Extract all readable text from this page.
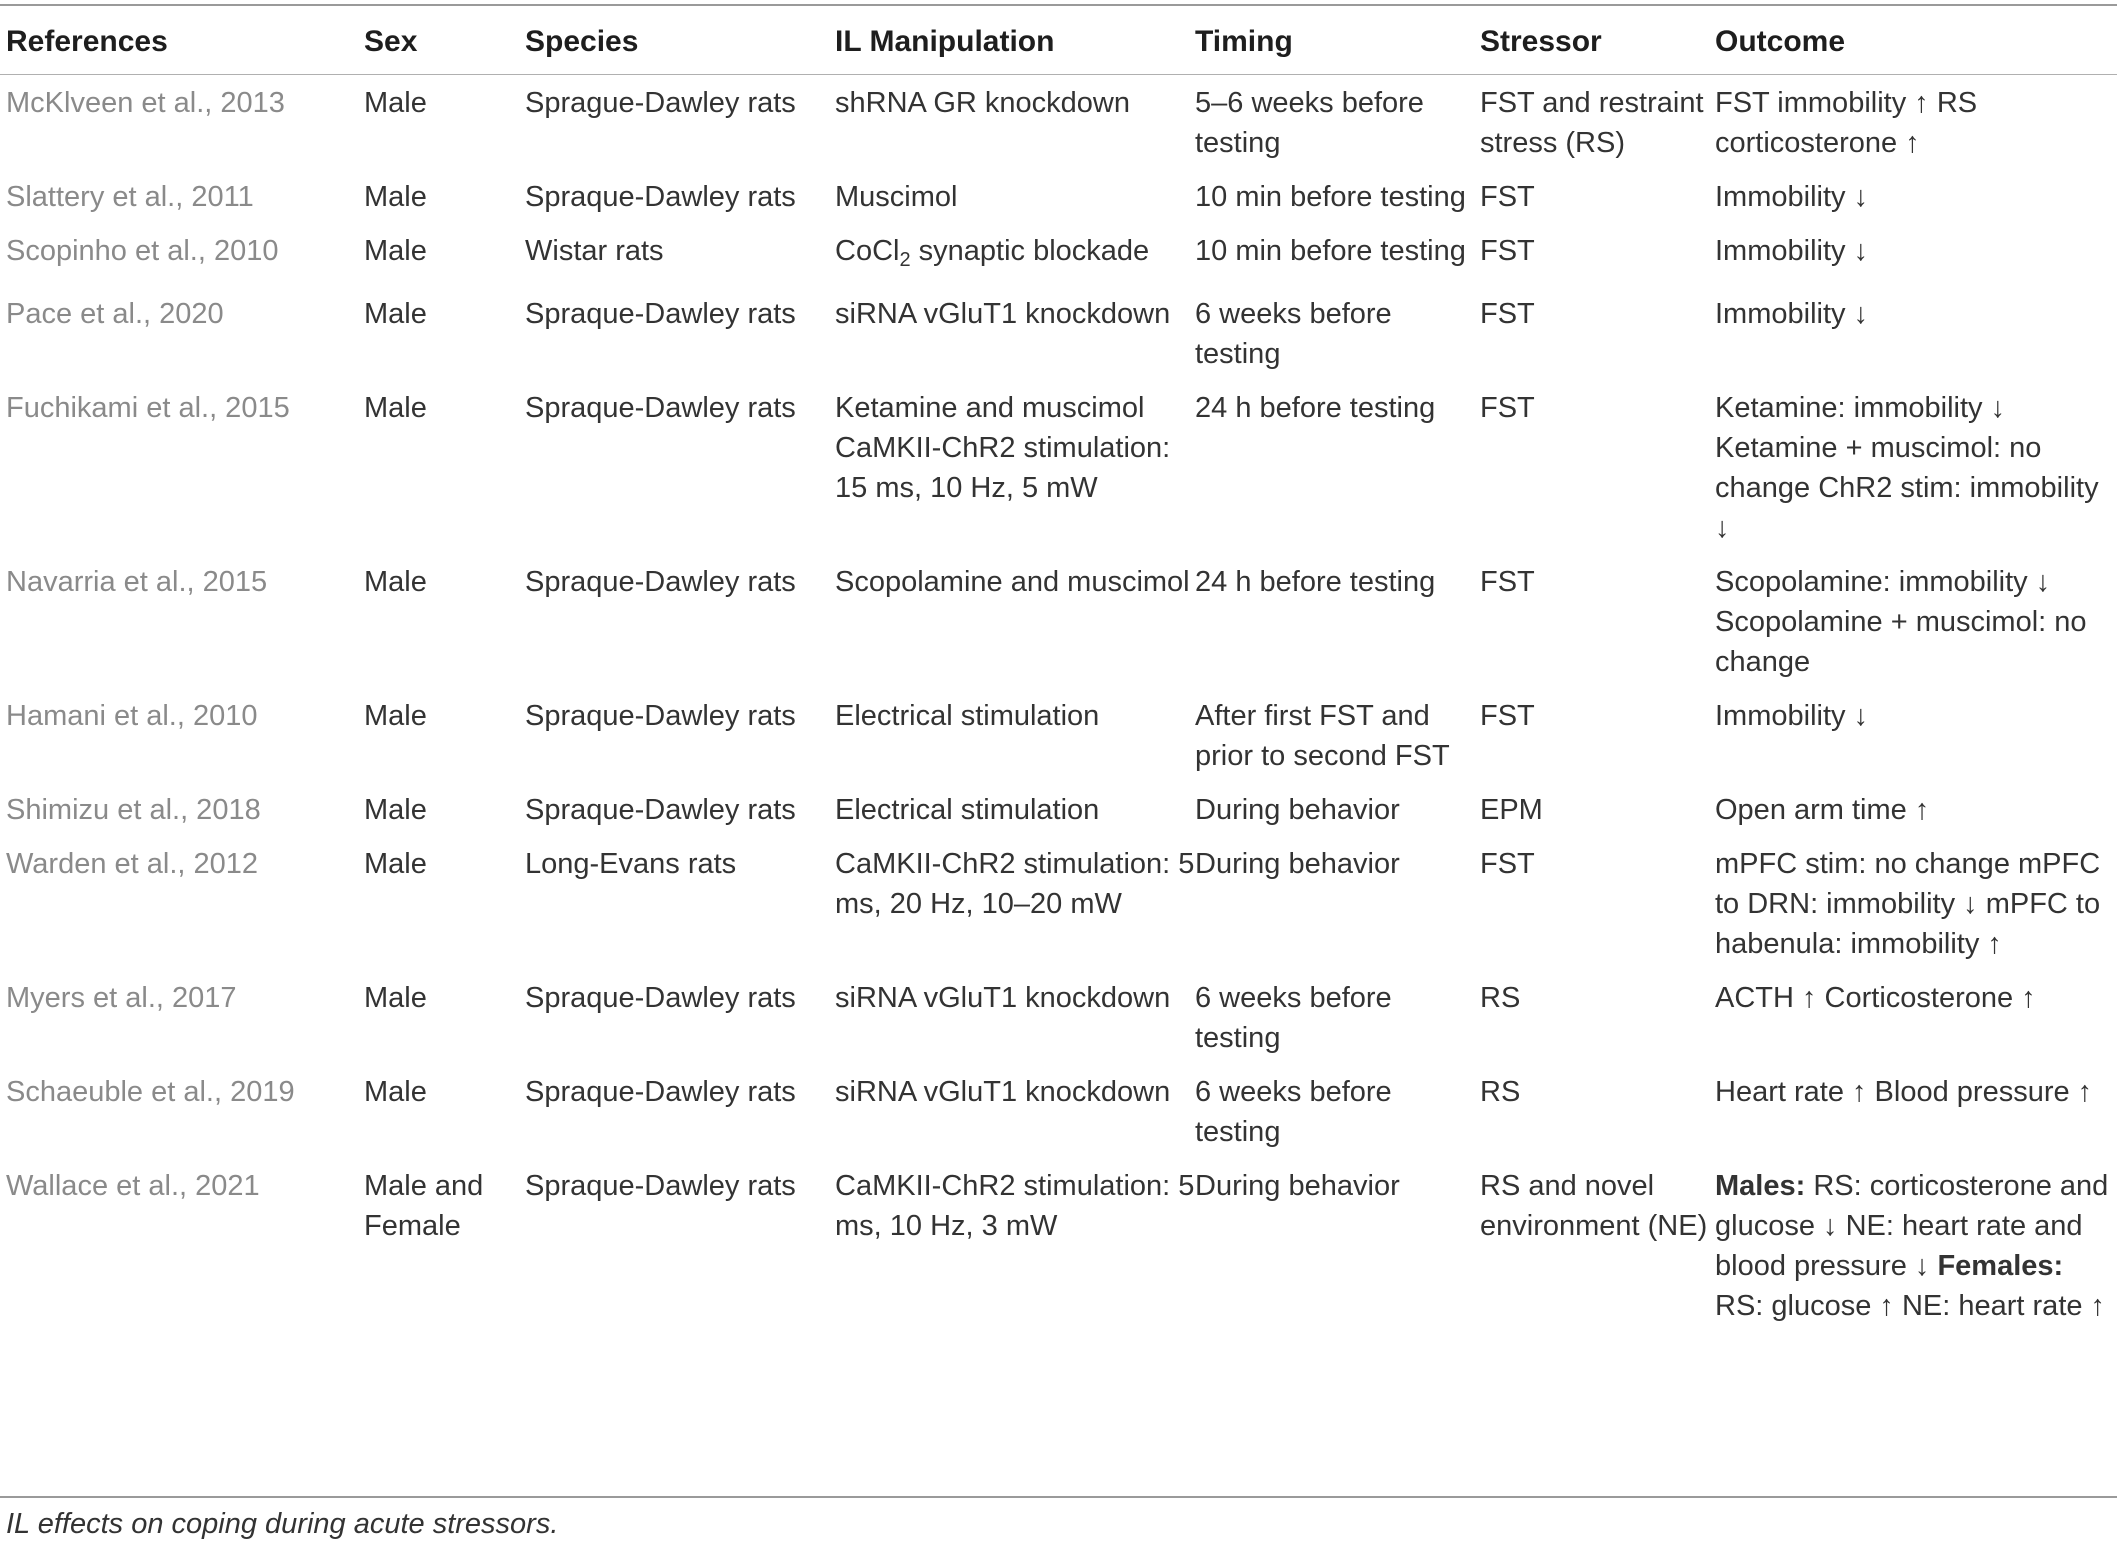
References	Sex	Species	IL Manipulation	Timing	Stressor	Outcome
McKlveen et al., 2013	Male	Sprague-Dawley rats	shRNA GR knockdown	5–6 weeks before testing	FST and restraint stress (RS)	FST immobility ↑ RS corticosterone ↑
Slattery et al., 2011	Male	Spraque-Dawley rats	Muscimol	10 min before testing	FST	Immobility ↓
Scopinho et al., 2010	Male	Wistar rats	CoCl$_2$ synaptic blockade	10 min before testing	FST	Immobility ↓
Pace et al., 2020	Male	Spraque-Dawley rats	siRNA vGluT1 knockdown	6 weeks before testing	FST	Immobility ↓
Fuchikami et al., 2015	Male	Spraque-Dawley rats	Ketamine and muscimol CaMKII-ChR2 stimulation: 15 ms, 10 Hz, 5 mW	24 h before testing	FST	Ketamine: immobility ↓ Ketamine + muscimol: no change ChR2 stim: immobility ↓
Navarria et al., 2015	Male	Spraque-Dawley rats	Scopolamine and muscimol	24 h before testing	FST	Scopolamine: immobility ↓ Scopolamine + muscimol: no change
Hamani et al., 2010	Male	Spraque-Dawley rats	Electrical stimulation	After first FST and prior to second FST	FST	Immobility ↓
Shimizu et al., 2018	Male	Spraque-Dawley rats	Electrical stimulation	During behavior	EPM	Open arm time ↑
Warden et al., 2012	Male	Long-Evans rats	CaMKII-ChR2 stimulation: 5 ms, 20 Hz, 10–20 mW	During behavior	FST	mPFC stim: no change mPFC to DRN: immobility ↓ mPFC to habenula: immobility ↑
Myers et al., 2017	Male	Spraque-Dawley rats	siRNA vGluT1 knockdown	6 weeks before testing	RS	ACTH ↑ Corticosterone ↑
Schaeuble et al., 2019	Male	Spraque-Dawley rats	siRNA vGluT1 knockdown	6 weeks before testing	RS	Heart rate ↑ Blood pressure ↑
Wallace et al., 2021	Male and Female	Spraque-Dawley rats	CaMKII-ChR2 stimulation: 5 ms, 10 Hz, 3 mW	During behavior	RS and novel environment (NE)	Males: RS: corticosterone and glucose ↓ NE: heart rate and blood pressure ↓ Females: RS: glucose ↑ NE: heart rate ↑
IL effects on coping during acute stressors.
